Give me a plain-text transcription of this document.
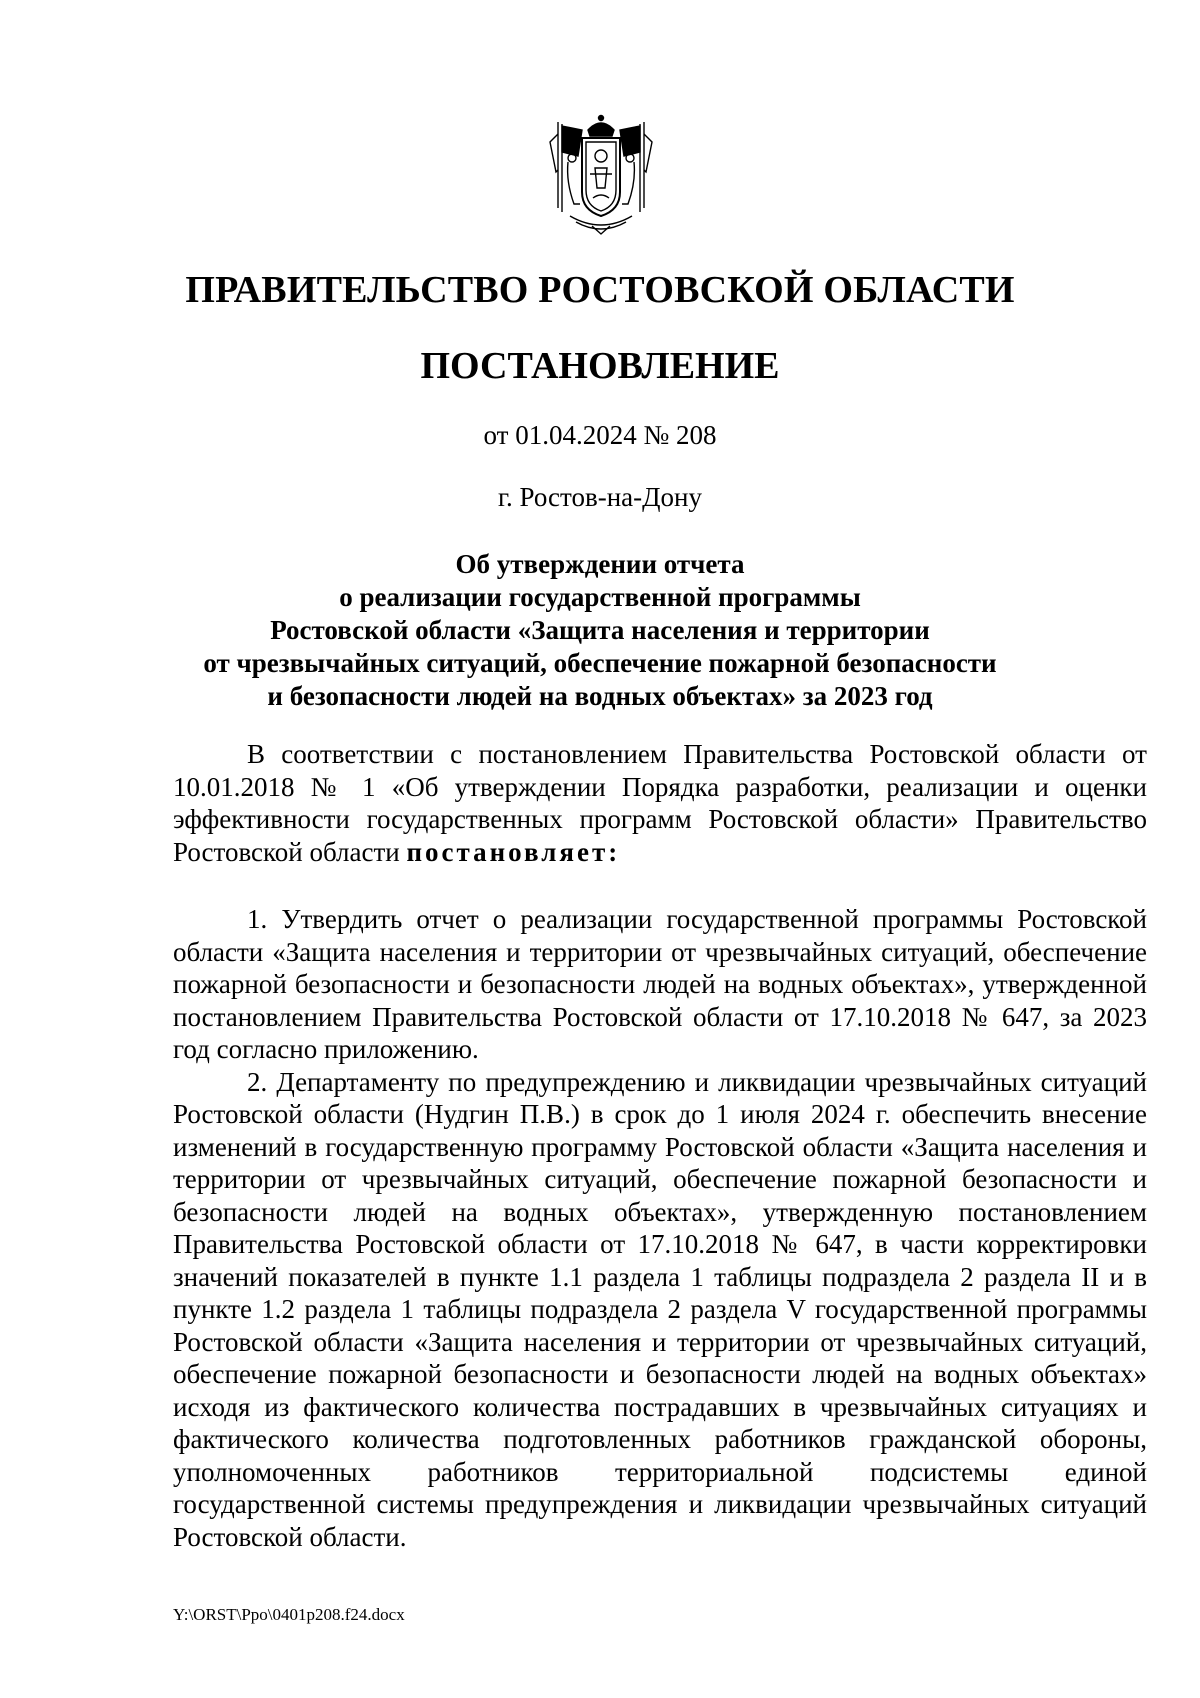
ПРАВИТЕЛЬСТВО РОСТОВСКОЙ ОБЛАСТИ
ПОСТАНОВЛЕНИЕ
от 01.04.2024 № 208
г. Ростов-на-Дону
Об утверждении отчета
о реализации государственной программы
Ростовской области «Защита населения и территории
от чрезвычайных ситуаций, обеспечение пожарной безопасности
и безопасности людей на водных объектах» за 2023 год

В соответствии с постановлением Правительства Ростовской области от 10.01.2018 № 1 «Об утверждении Порядка разработки, реализации и оценки эффективности государственных программ Ростовской области» Правительство Ростовской области постановляет:

1. Утвердить отчет о реализации государственной программы Ростовской области «Защита населения и территории от чрезвычайных ситуаций, обеспечение пожарной безопасности и безопасности людей на водных объектах», утвержденной постановлением Правительства Ростовской области от 17.10.2018 № 647, за 2023 год согласно приложению.

2. Департаменту по предупреждению и ликвидации чрезвычайных ситуаций Ростовской области (Нудгин П.В.) в срок до 1 июля 2024 г. обеспечить внесение изменений в государственную программу Ростовской области «Защита населения и территории от чрезвычайных ситуаций, обеспечение пожарной безопасности и безопасности людей на водных объектах», утвержденную постановлением Правительства Ростовской области от 17.10.2018 № 647, в части корректировки значений показателей в пункте 1.1 раздела 1 таблицы подраздела 2 раздела II и в пункте 1.2 раздела 1 таблицы подраздела 2 раздела V государственной программы Ростовской области «Защита населения и территории от чрезвычайных ситуаций, обеспечение пожарной безопасности и безопасности людей на водных объектах» исходя из фактического количества пострадавших в чрезвычайных ситуациях и фактического количества подготовленных работников гражданской обороны, уполномоченных работников территориальной подсистемы единой государственной системы предупреждения и ликвидации чрезвычайных ситуаций Ростовской области.

Y:\ORST\Ppo\0401p208.f24.docx
